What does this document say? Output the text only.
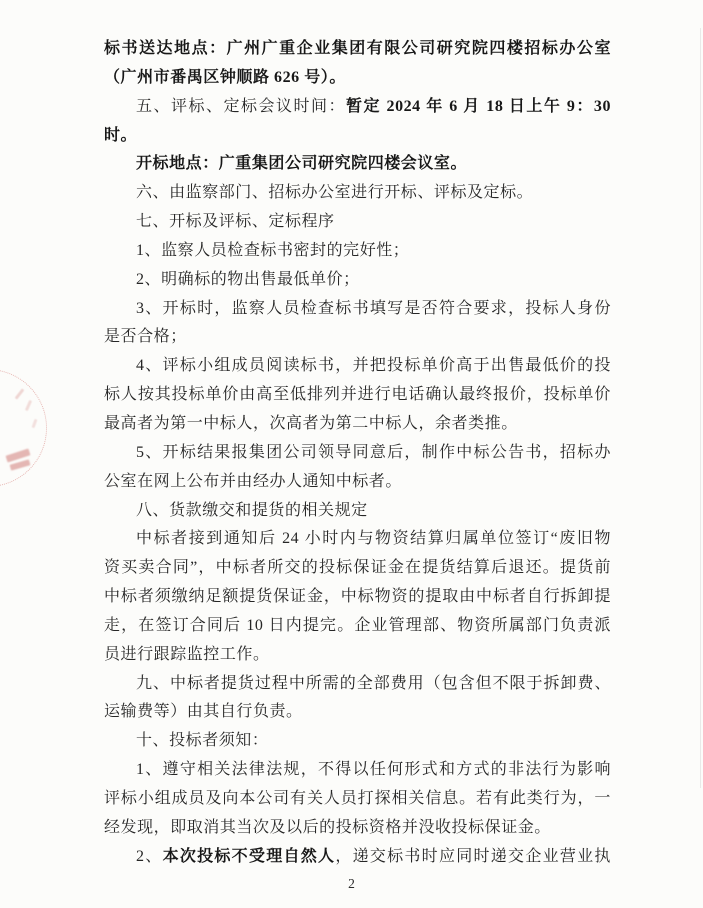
标书送达地点：广州广重企业集团有限公司研究院四楼招标办公室
（广州市番禺区钟顺路 626 号）。
五、评标、定标会议时间：暂定 2024 年 6 月 18 日上午 9：30
时。
开标地点：广重集团公司研究院四楼会议室。
六、由监察部门、招标办公室进行开标、评标及定标。
七、开标及评标、定标程序
1、监察人员检查标书密封的完好性；
2、明确标的物出售最低单价；
3、开标时，监察人员检查标书填写是否符合要求，投标人身份
是否合格；
4、评标小组成员阅读标书，并把投标单价高于出售最低价的投
标人按其投标单价由高至低排列并进行电话确认最终报价，投标单价
最高者为第一中标人，次高者为第二中标人，余者类推。
5、开标结果报集团公司领导同意后，制作中标公告书，招标办
公室在网上公布并由经办人通知中标者。
八、货款缴交和提货的相关规定
中标者接到通知后 24 小时内与物资结算归属单位签订“废旧物
资买卖合同”，中标者所交的投标保证金在提货结算后退还。提货前
中标者须缴纳足额提货保证金，中标物资的提取由中标者自行拆卸提
走，在签订合同后 10 日内提完。企业管理部、物资所属部门负责派
员进行跟踪监控工作。
九、中标者提货过程中所需的全部费用（包含但不限于拆卸费、
运输费等）由其自行负责。
十、投标者须知：
1、遵守相关法律法规，不得以任何形式和方式的非法行为影响
评标小组成员及向本公司有关人员打探相关信息。若有此类行为，一
经发现，即取消其当次及以后的投标资格并没收投标保证金。
2、本次投标不受理自然人，递交标书时应同时递交企业营业执
2
